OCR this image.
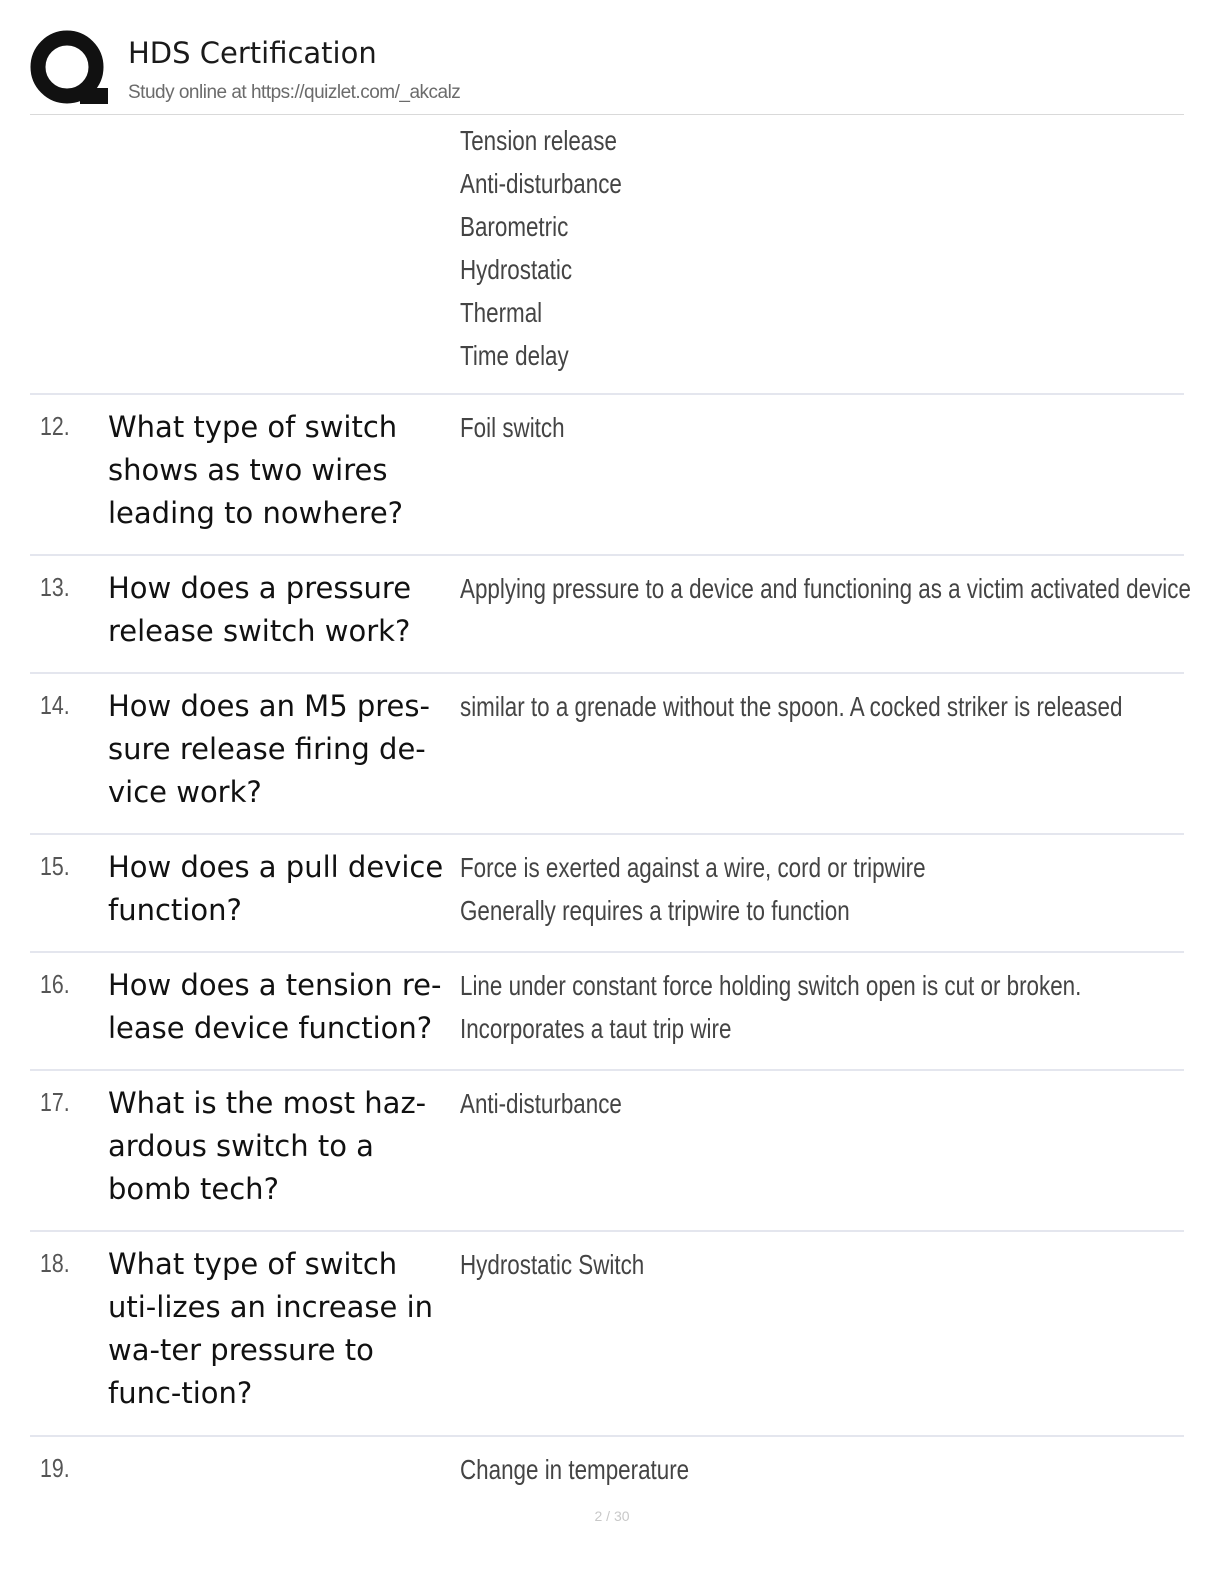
HDS Certification
Study online at https://quizlet.com/_akcalz
Tension release
Anti-disturbance
Barometric
Hydrostatic
Thermal
Time delay
12. What type of switch shows as two wires leading to nowhere?
Foil switch
13. How does a pressure release switch work?
Applying pressure to a device and functioning as a victim activated device
14. How does an M5 pres-sure release firing de-vice work?
similar to a grenade without the spoon. A cocked striker is released
15. How does a pull device function?
Force is exerted against a wire, cord or tripwire
Generally requires a tripwire to function
16. How does a tension re-lease device function?
Line under constant force holding switch open is cut or broken.
Incorporates a taut trip wire
17. What is the most haz-ardous switch to a bomb tech?
Anti-disturbance
18. What type of switch uti-lizes an increase in wa-ter pressure to func-tion?
Hydrostatic Switch
19.	Change in temperature
2 / 30
